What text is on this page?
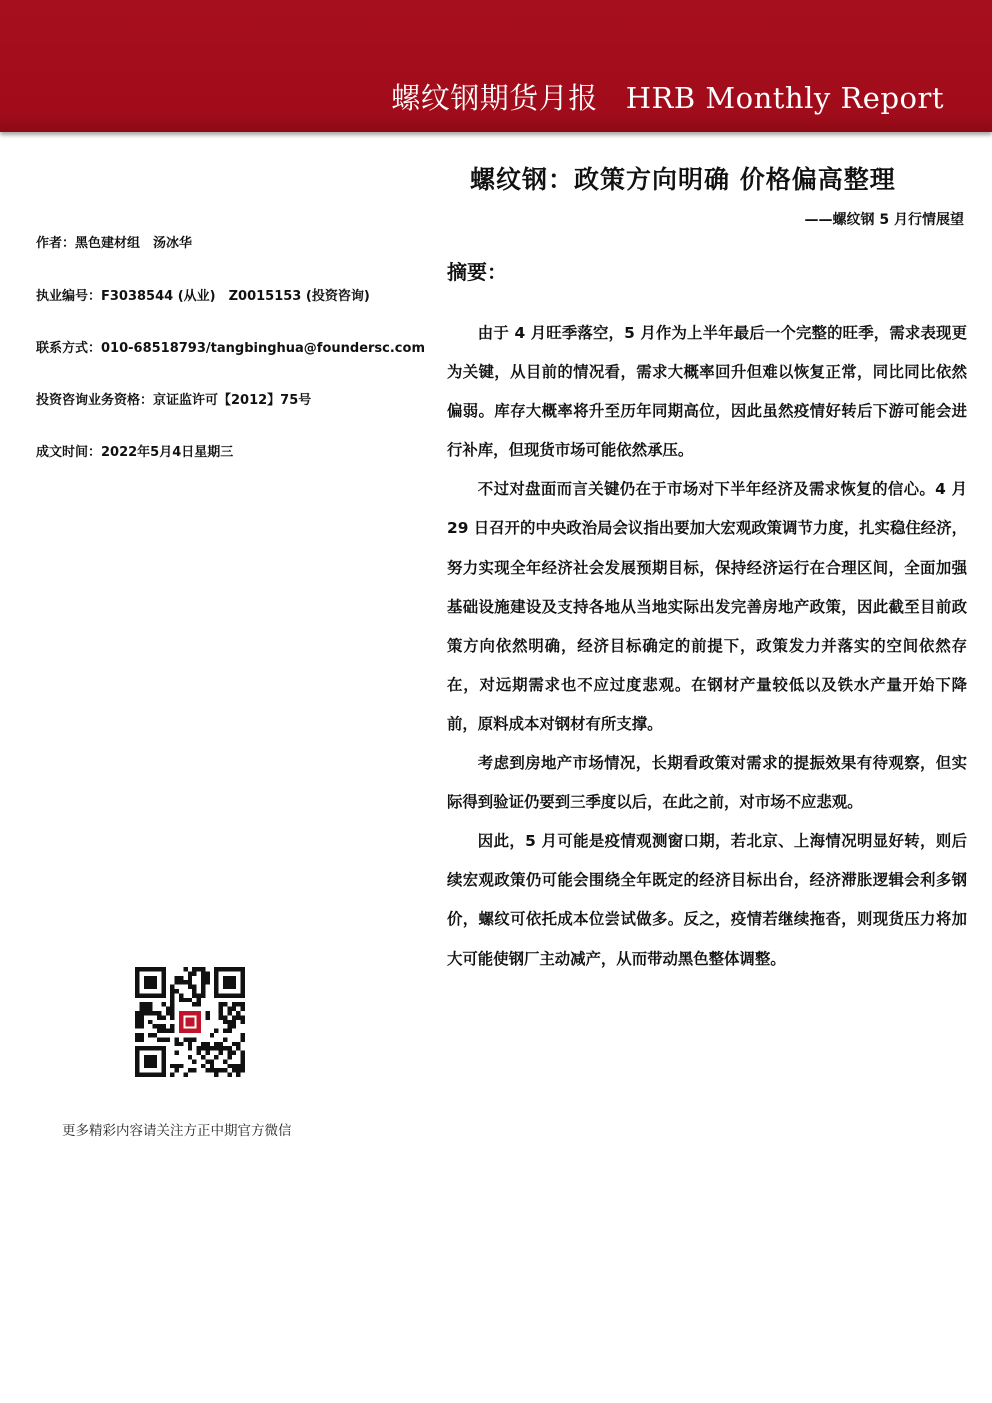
螺纹钢期货月报 HRB Monthly Report
螺纹钢：政策方向明确 价格偏高整理
——螺纹钢 5 月行情展望
作者：黑色建材组　汤冰华
执业编号：F3038544 (从业)　Z0015153 (投资咨询)
联系方式：010-68518793/tangbinghua@foundersc.com
投资咨询业务资格：京证监许可【2012】75号
成文时间：2022年5月4日星期三
摘要：

由于 4 月旺季落空，5 月作为上半年最后一个完整的旺季，需求表现更为关键，从目前的情况看，需求大概率回升但难以恢复正常，同比同比依然偏弱。库存大概率将升至历年同期高位，因此虽然疫情好转后下游可能会进行补库，但现货市场可能依然承压。

不过对盘面而言关键仍在于市场对下半年经济及需求恢复的信心。4 月 29 日召开的中央政治局会议指出要加大宏观政策调节力度，扎实稳住经济，努力实现全年经济社会发展预期目标，保持经济运行在合理区间，全面加强基础设施建设及支持各地从当地实际出发完善房地产政策，因此截至目前政策方向依然明确，经济目标确定的前提下，政策发力并落实的空间依然存在，对远期需求也不应过度悲观。在钢材产量较低以及铁水产量开始下降前，原料成本对钢材有所支撑。

考虑到房地产市场情况，长期看政策对需求的提振效果有待观察，但实际得到验证仍要到三季度以后，在此之前，对市场不应悲观。

因此，5 月可能是疫情观测窗口期，若北京、上海情况明显好转，则后续宏观政策仍可能会围绕全年既定的经济目标出台，经济滞胀逻辑会利多钢价，螺纹可依托成本位尝试做多。反之，疫情若继续拖沓，则现货压力将加大可能使钢厂主动减产，从而带动黑色整体调整。

更多精彩内容请关注方正中期官方微信
